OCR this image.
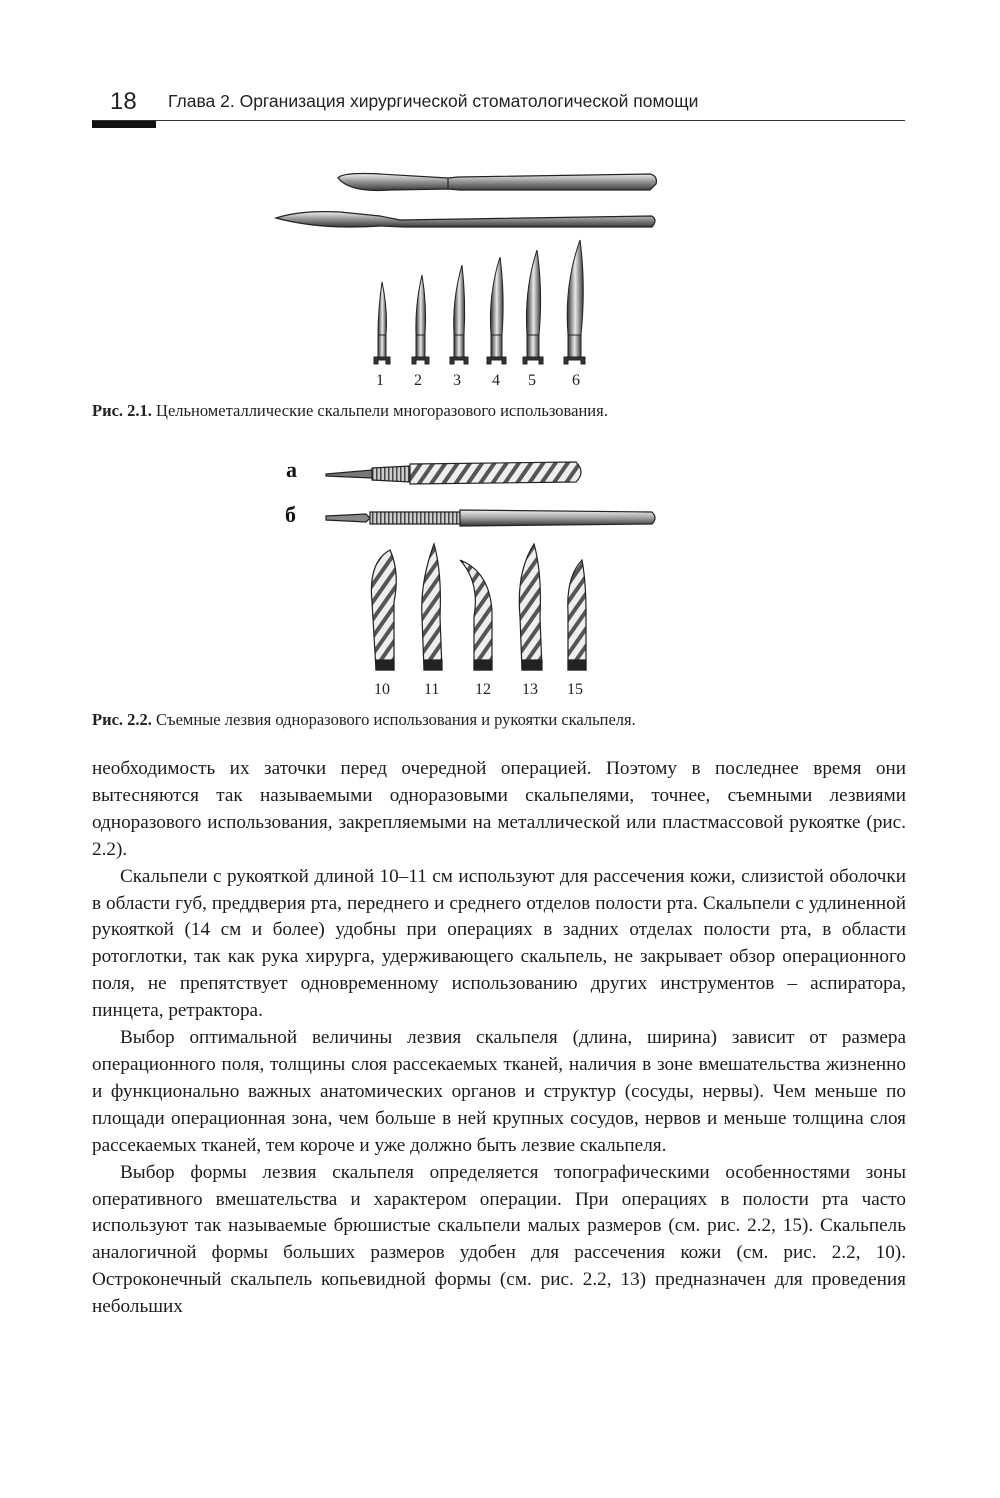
18 Глава 2. Организация хирургической стоматологической помощи
1 2 3 4 5 6
Рис. 2.1. Цельнометаллические скальпели многоразового использования.
а
б
10 11 12 13 15
Рис. 2.2. Съемные лезвия одноразового использования и рукоятки скальпеля.

необходимость их заточки перед очередной операцией. Поэтому в последнее время они вытесняются так называемыми одноразовыми скальпелями, точнее, съемными лезвиями одноразового использования, закрепляемыми на металлической или пластмассовой рукоятке (рис. 2.2).

Скальпели с рукояткой длиной 10–11 см используют для рассечения кожи, слизистой оболочки в области губ, преддверия рта, переднего и среднего отделов полости рта. Скальпели с удлиненной рукояткой (14 см и более) удобны при операциях в задних отделах полости рта, в области ротоглотки, так как рука хирурга, удерживающего скальпель, не закрывает обзор операционного поля, не препятствует одновременному использованию других инструментов – аспиратора, пинцета, ретрактора.

Выбор оптимальной величины лезвия скальпеля (длина, ширина) зависит от размера операционного поля, толщины слоя рассекаемых тканей, наличия в зоне вмешательства жизненно и функционально важных анатомических органов и структур (сосуды, нервы). Чем меньше по площади операционная зона, чем больше в ней крупных сосудов, нервов и меньше толщина слоя рассекаемых тканей, тем короче и уже должно быть лезвие скальпеля.

Выбор формы лезвия скальпеля определяется топографическими особенностями зоны оперативного вмешательства и характером операции. При операциях в полости рта часто используют так называемые брюшистые скальпели малых размеров (см. рис. 2.2, 15). Скальпель аналогичной формы больших размеров удобен для рассечения кожи (см. рис. 2.2, 10). Остроконечный скальпель копьевидной формы (см. рис. 2.2, 13) предназначен для проведения небольших
